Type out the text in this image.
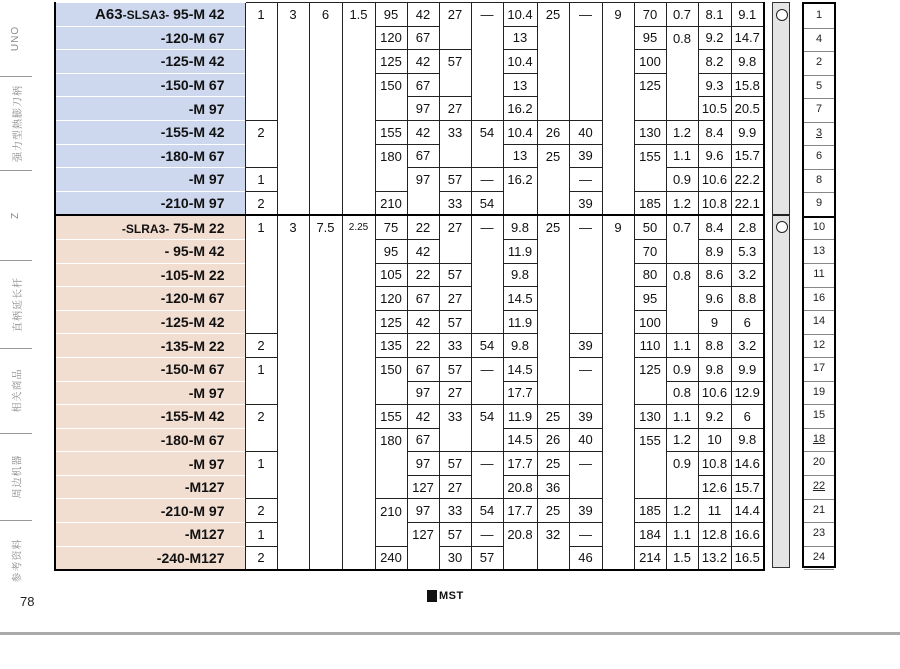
UNO
强力型熱膨刀柄
Z
直柄延长杆
相关商品
周边机器
参考资料
A63-SLSA3- 95-M 42	1	3	6	1.5	95	42	27	—	10.4	25	—	9	70	0.7	8.1	9.1
-120-M 67					120	67			13				95	0.8	9.2	14.7
-125-M 42					125	42	57		10.4				100		8.2	9.8
-150-M 67					150	67			13				125		9.3	15.8
-M 97						97	27		16.2						10.5	20.5
-155-M 42	2				155	42	33	54	10.4	26	40		130	1.2	8.4	9.9
-180-M 67					180	67			13	25	39		155	1.1	9.6	15.7
-M 97	1					97	57	—	16.2		—			0.9	10.6	22.2
-210-M 97	2				210		33	54			39		185	1.2	10.8	22.1
-SLRA3- 75-M 22	1	3	7.5	2.25	75	22	27	—	9.8	25	—	9	50	0.7	8.4	2.8
- 95-M 42					95	42			11.9				70		8.9	5.3
-105-M 22					105	22	57		9.8				80	0.8	8.6	3.2
-120-M 67					120	67	27		14.5				95		9.6	8.8
-125-M 42					125	42	57		11.9				100		9	6
-135-M 22	2				135	22	33	54	9.8		39		110	1.1	8.8	3.2
-150-M 67	1				150	67	57	—	14.5		—		125	0.9	9.8	9.9
-M 97						97	27		17.7					0.8	10.6	12.9
-155-M 42	2				155	42	33	54	11.9	25	39		130	1.1	9.2	6
-180-M 67					180	67			14.5	26	40		155	1.2	10	9.8
-M 97	1					97	57	—	17.7	25	—			0.9	10.8	14.6
-M127						127	27		20.8	36					12.6	15.7
-210-M 97	2				210	97	33	54	17.7	25	39		185	1.2	11	14.4
-M127	1					127	57	—	20.8	32	—		184	1.1	12.8	16.6
-240-M127	2				240		30	57			46		214	1.5	13.2	16.5
1
4
2
5
7
3
6
8
9
10
13
11
16
14
12
17
19
15
18
20
22
21
23
24
78	MST
